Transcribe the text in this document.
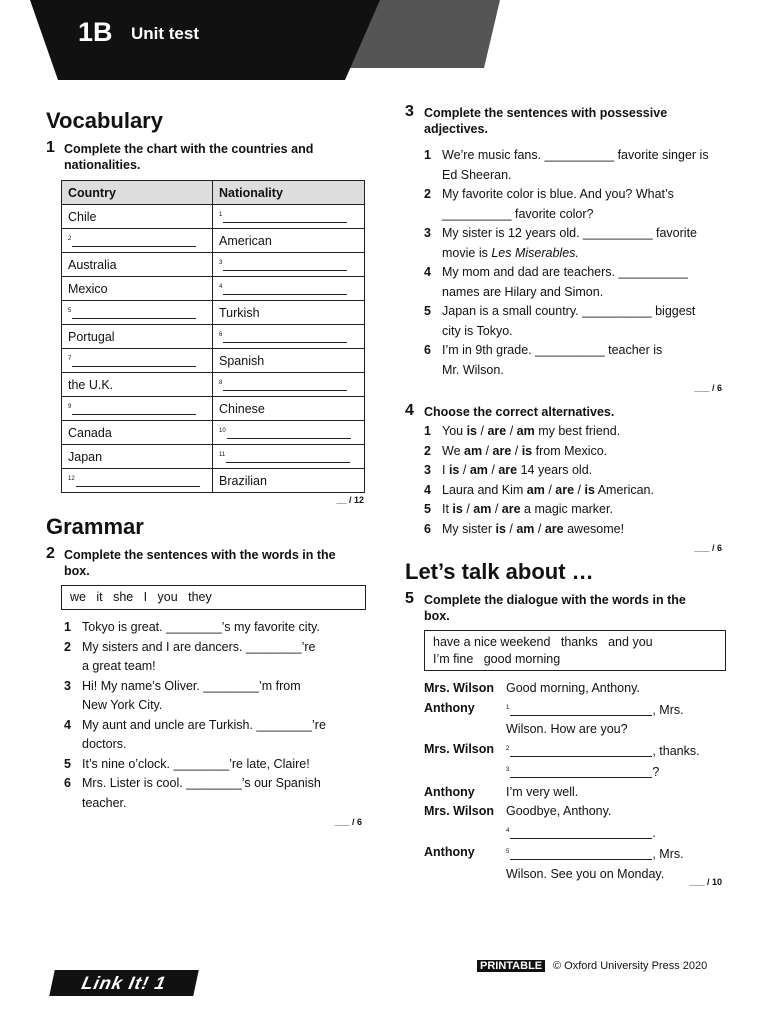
1B Unit test
Vocabulary
1 Complete the chart with the countries and nationalities.
Country	Nationality
Chile	$^1$
$^2$	American
Australia	$^3$
Mexico	$^4$
$^5$	Turkish
Portugal	$^6$
$^7$	Spanish
the U.K.	$^8$
$^9$	Chinese
Canada	$^{10}$
Japan	$^{11}$
$^{12}$	Brazilian
__ / 12
Grammar
2 Complete the sentences with the words in the box.
we   it   she   I   you   they
1 Tokyo is great. ________’s my favorite city.
2 My sisters and I are dancers. ________’re
a great team!
3 Hi! My name’s Oliver. ________’m from
New York City.
4 My aunt and uncle are Turkish. ________’re
doctors.
5 It’s nine o’clock. ________’re late, Claire!
6 Mrs. Lister is cool. ________’s our Spanish
teacher.
___ / 6
3 Complete the sentences with possessive adjectives.
1 We’re music fans. __________ favorite singer is
Ed Sheeran.
2 My favorite color is blue. And you? What’s
__________ favorite color?
3 My sister is 12 years old. __________ favorite
movie is Les Miserables.
4 My mom and dad are teachers. __________
names are Hilary and Simon.
5 Japan is a small country. __________ biggest
city is Tokyo.
6 I’m in 9th grade. __________ teacher is
Mr. Wilson.
___ / 6
4 Choose the correct alternatives.
1 You is / are / am my best friend.
2 We am / are / is from Mexico.
3 I is / am / are 14 years old.
4 Laura and Kim am / are / is American.
5 It is / am / are a magic marker.
6 My sister is / am / are awesome!
___ / 6
Let’s talk about …
5 Complete the dialogue with the words in the box.
have a nice weekend   thanks   and you
I’m fine   good morning
Mrs. Wilson Good morning, Anthony.
Anthony	$^1$	, Mrs.
Wilson. How are you?
Mrs. Wilson	$^2$	, thanks.
$^3$	?
Anthony	I’m very well.
Mrs. Wilson Goodbye, Anthony.
$^4$	.
Anthony	$^5$	, Mrs.
Wilson. See you on Monday.
___ / 10
Link It! 1
PRINTABLE © Oxford University Press 2020
